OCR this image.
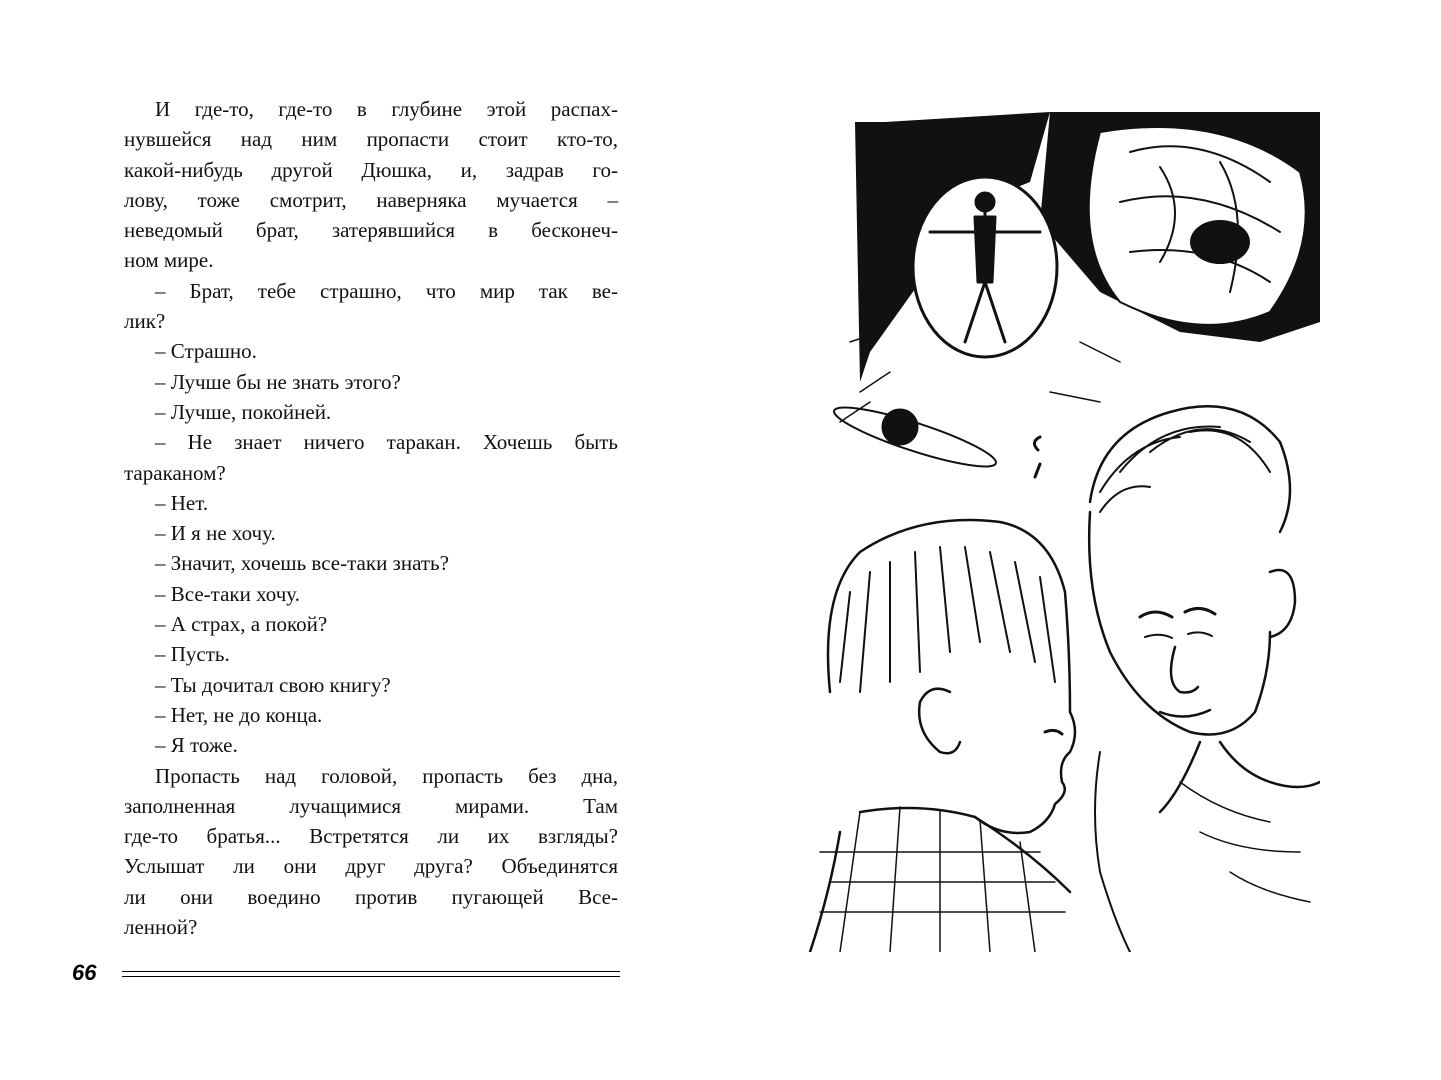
И где-то, где-то в глубине этой распах-
нувшейся над ним пропасти стоит кто-то,
какой-нибудь другой Дюшка, и, задрав го-
лову, тоже смотрит, наверняка мучается –
неведомый брат, затерявшийся в бесконеч-
ном мире.
– Брат, тебе страшно, что мир так ве-
лик?
– Страшно.
– Лучше бы не знать этого?
– Лучше, покойней.
– Не знает ничего таракан. Хочешь быть
тараканом?
– Нет.
– И я не хочу.
– Значит, хочешь все-таки знать?
– Все-таки хочу.
– А страх, а покой?
– Пусть.
– Ты дочитал свою книгу?
– Нет, не до конца.
– Я тоже.
Пропасть над головой, пропасть без дна,
заполненная лучащимися мирами. Там
где-то братья... Встретятся ли их взгляды?
Услышат ли они друг друга? Объединятся
ли они воедино против пугающей Все-
ленной?
66
